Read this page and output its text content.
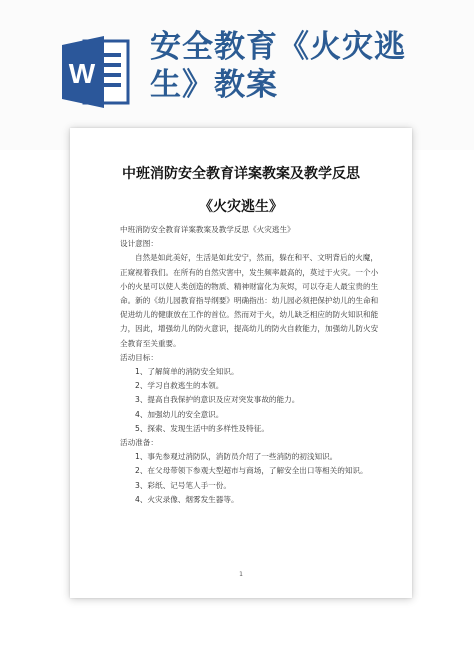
W
安全教育《火灾逃生》教案
中班消防安全教育详案教案及教学反思《火灾逃生》

中班消防安全教育详案教案及教学反思《火灾逃生》

设计意图：

自然是如此美好，生活是如此安宁，然而，躲在和平、文明背后的火魔，正窥视着我们。在所有的自然灾害中，发生频率最高的，莫过于火灾。一个小小的火星可以使人类创造的物质、精神财富化为灰烬，可以夺走人最宝贵的生命。新的《幼儿园教育指导纲要》明确指出：幼儿园必须把保护幼儿的生命和促进幼儿的健康放在工作的首位。然而对于火，幼儿缺乏相应的防火知识和能力，因此，增强幼儿的防火意识，提高幼儿的防火自救能力，加强幼儿防火安全教育至关重要。

活动目标：

1、了解简单的消防安全知识。

2、学习自救逃生的本领。

3、提高自我保护的意识及应对突发事故的能力。

4、加强幼儿的安全意识。

5、探索、发现生活中的多样性及特征。

活动准备：

1、事先参观过消防队，消防员介绍了一些消防的初浅知识。

2、在父母带领下参观大型超市与商场，了解安全出口等相关的知识。

3、彩纸、记号笔人手一份。

4、火灾录像、烟雾发生器等。

1
